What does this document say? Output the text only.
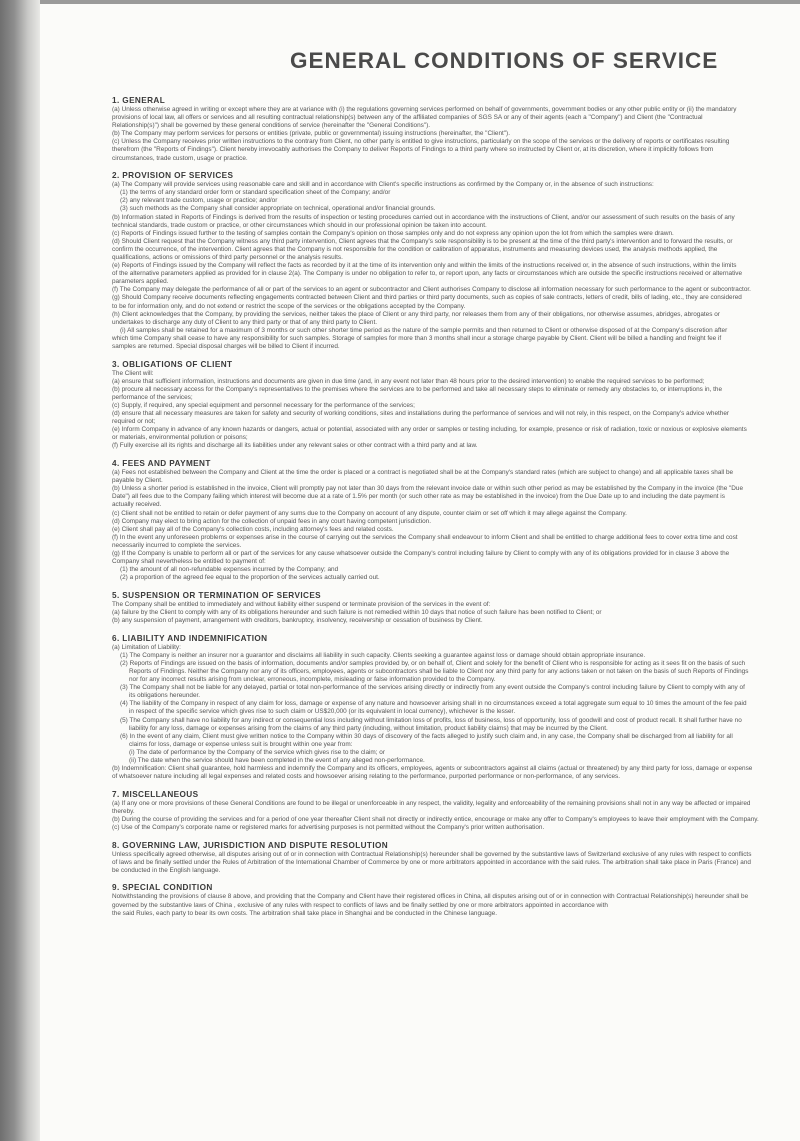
GENERAL CONDITIONS OF SERVICE
1. GENERAL

(a) Unless otherwise agreed in writing or except where they are at variance with (i) the regulations governing services performed on behalf of governments, government bodies or any other public entity or (ii) the mandatory

provisions of local law, all offers or services and all resulting contractual relationship(s) between any of the affiliated companies of SGS SA or any of their agents (each a "Company") and Client (the "Contractual

Relationship(s)") shall be governed by these general conditions of service (hereinafter the "General Conditions").

(b) The Company may perform services for persons or entities (private, public or governmental) issuing instructions (hereinafter, the "Client").

(c) Unless the Company receives prior written instructions to the contrary from Client, no other party is entitled to give instructions, particularly on the scope of the services or the delivery of reports or certificates resulting

therefrom (the "Reports of Findings"). Client hereby irrevocably authorises the Company to deliver Reports of Findings to a third party where so instructed by Client or, at its discretion, where it implicitly follows from

circumstances, trade custom, usage or practice.

2. PROVISION OF SERVICES

(a) The Company will provide services using reasonable care and skill and in accordance with Client's specific instructions as confirmed by the Company or, in the absence of such instructions:

(1) the terms of any standard order form or standard specification sheet of the Company; and/or

(2) any relevant trade custom, usage or practice; and/or

(3) such methods as the Company shall consider appropriate on technical, operational and/or financial grounds.

(b) Information stated in Reports of Findings is derived from the results of inspection or testing procedures carried out in accordance with the instructions of Client, and/or our assessment of such results on the basis of any

technical standards, trade custom or practice, or other circumstances which should in our professional opinion be taken into account.

(c) Reports of Findings issued further to the testing of samples contain the Company's opinion on those samples only and do not express any opinion upon the lot from which the samples were drawn.

(d) Should Client request that the Company witness any third party intervention, Client agrees that the Company's sole responsibility is to be present at the time of the third party's intervention and to forward the results, or

confirm the occurrence, of the intervention. Client agrees that the Company is not responsible for the condition or calibration of apparatus, instruments and measuring devices used, the analysis methods applied, the

qualifications, actions or omissions of third party personnel or the analysis results.

(e) Reports of Findings issued by the Company will reflect the facts as recorded by it at the time of its intervention only and within the limits of the instructions received or, in the absence of such instructions, within the limits

of the alternative parameters applied as provided for in clause 2(a). The Company is under no obligation to refer to, or report upon, any facts or circumstances which are outside the specific instructions received or alternative

parameters applied.

(f) The Company may delegate the performance of all or part of the services to an agent or subcontractor and Client authorises Company to disclose all information necessary for such performance to the agent or subcontractor.

(g) Should Company receive documents reflecting engagements contracted between Client and third parties or third party documents, such as copies of sale contracts, letters of credit, bills of lading, etc., they are considered

to be for information only, and do not extend or restrict the scope of the services or the obligations accepted by the Company.

(h) Client acknowledges that the Company, by providing the services, neither takes the place of Client or any third party, nor releases them from any of their obligations, nor otherwise assumes, abridges, abrogates or

undertakes to discharge any duty of Client to any third party or that of any third party to Client.

(i) All samples shall be retained for a maximum of 3 months or such other shorter time period as the nature of the sample permits and then returned to Client or otherwise disposed of at the Company's discretion after

which time Company shall cease to have any responsibility for such samples. Storage of samples for more than 3 months shall incur a storage charge payable by Client. Client will be billed a handling and freight fee if

samples are returned. Special disposal charges will be billed to Client if incurred.

3. OBLIGATIONS OF CLIENT

The Client will:

(a) ensure that sufficient information, instructions and documents are given in due time (and, in any event not later than 48 hours prior to the desired intervention) to enable the required services to be performed;

(b) procure all necessary access for the Company's representatives to the premises where the services are to be performed and take all necessary steps to eliminate or remedy any obstacles to, or interruptions in, the

performance of the services;

(c) Supply, if required, any special equipment and personnel necessary for the performance of the services;

(d) ensure that all necessary measures are taken for safety and security of working conditions, sites and installations during the performance of services and will not rely, in this respect, on the Company's advice whether

required or not;

(e) Inform Company in advance of any known hazards or dangers, actual or potential, associated with any order or samples or testing including, for example, presence or risk of radiation, toxic or noxious or explosive elements

or materials, environmental pollution or poisons;

(f) Fully exercise all its rights and discharge all its liabilities under any relevant sales or other contract with a third party and at law.

4. FEES AND PAYMENT

(a) Fees not established between the Company and Client at the time the order is placed or a contract is negotiated shall be at the Company's standard rates (which are subject to change) and all applicable taxes shall be

payable by Client.

(b) Unless a shorter period is established in the invoice, Client will promptly pay not later than 30 days from the relevant invoice date or within such other period as may be established by the Company in the invoice (the "Due

Date") all fees due to the Company failing which interest will become due at a rate of 1.5% per month (or such other rate as may be established in the invoice) from the Due Date up to and including the date payment is

actually received.

(c) Client shall not be entitled to retain or defer payment of any sums due to the Company on account of any dispute, counter claim or set off which it may allege against the Company.

(d) Company may elect to bring action for the collection of unpaid fees in any court having competent jurisdiction.

(e) Client shall pay all of the Company's collection costs, including attorney's fees and related costs.

(f) In the event any unforeseen problems or expenses arise in the course of carrying out the services the Company shall endeavour to inform Client and shall be entitled to charge additional fees to cover extra time and cost

necessarily incurred to complete the services.

(g) If the Company is unable to perform all or part of the services for any cause whatsoever outside the Company's control including failure by Client to comply with any of its obligations provided for in clause 3 above the

Company shall nevertheless be entitled to payment of:

(1) the amount of all non-refundable expenses incurred by the Company; and

(2) a proportion of the agreed fee equal to the proportion of the services actually carried out.

5. SUSPENSION OR TERMINATION OF SERVICES

The Company shall be entitled to immediately and without liability either suspend or terminate provision of the services in the event of:

(a) failure by the Client to comply with any of its obligations hereunder and such failure is not remedied within 10 days that notice of such failure has been notified to Client; or

(b) any suspension of payment, arrangement with creditors, bankruptcy, insolvency, receivership or cessation of business by Client.

6. LIABILITY AND INDEMNIFICATION

(a) Limitation of Liability:

(1) The Company is neither an insurer nor a guarantor and disclaims all liability in such capacity. Clients seeking a guarantee against loss or damage should obtain appropriate insurance.

(2) Reports of Findings are issued on the basis of information, documents and/or samples provided by, or on behalf of, Client and solely for the benefit of Client who is responsible for acting as it sees fit on the basis of such

Reports of Findings. Neither the Company nor any of its officers, employees, agents or subcontractors shall be liable to Client nor any third party for any actions taken or not taken on the basis of such Reports of Findings

nor for any incorrect results arising from unclear, erroneous, incomplete, misleading or false information provided to the Company.

(3) The Company shall not be liable for any delayed, partial or total non-performance of the services arising directly or indirectly from any event outside the Company's control including failure by Client to comply with any of

its obligations hereunder.

(4) The liability of the Company in respect of any claim for loss, damage or expense of any nature and howsoever arising shall in no circumstances exceed a total aggregate sum equal to 10 times the amount of the fee paid

in respect of the specific service which gives rise to such claim or US$20,000 (or its equivalent in local currency), whichever is the lesser.

(5) The Company shall have no liability for any indirect or consequential loss including without limitation loss of profits, loss of business, loss of opportunity, loss of goodwill and cost of product recall. It shall further have no

liability for any loss, damage or expenses arising from the claims of any third party (including, without limitation, product liability claims) that may be incurred by the Client.

(6) In the event of any claim, Client must give written notice to the Company within 30 days of discovery of the facts alleged to justify such claim and, in any case, the Company shall be discharged from all liability for all

claims for loss, damage or expense unless suit is brought within one year from:

(i) The date of performance by the Company of the service which gives rise to the claim; or

(ii) The date when the service should have been completed in the event of any alleged non-performance.

(b) Indemnification: Client shall guarantee, hold harmless and indemnify the Company and its officers, employees, agents or subcontractors against all claims (actual or threatened) by any third party for loss, damage or expense

of whatsoever nature including all legal expenses and related costs and howsoever arising relating to the performance, purported performance or non-performance, of any services.

7. MISCELLANEOUS

(a) If any one or more provisions of these General Conditions are found to be illegal or unenforceable in any respect, the validity, legality and enforceability of the remaining provisions shall not in any way be affected or impaired

thereby.

(b) During the course of providing the services and for a period of one year thereafter Client shall not directly or indirectly entice, encourage or make any offer to Company's employees to leave their employment with the Company.

(c) Use of the Company's corporate name or registered marks for advertising purposes is not permitted without the Company's prior written authorisation.

8. GOVERNING LAW, JURISDICTION AND DISPUTE RESOLUTION

Unless specifically agreed otherwise, all disputes arising out of or in connection with Contractual Relationship(s) hereunder shall be governed by the substantive laws of Switzerland exclusive of any rules with respect to conflicts

of laws and be finally settled under the Rules of Arbitration of the International Chamber of Commerce by one or more arbitrators appointed in accordance with the said rules. The arbitration shall take place in Paris (France) and

be conducted in the English language.

9. SPECIAL CONDITION

Notwithstanding the provisions of clause 8 above, and providing that the Company and Client have their registered offices in China, all disputes arising out of or in connection with Contractual Relationship(s) hereunder shall be

governed by the substantive laws of China , exclusive of any rules with respect to conflicts of laws and be finally settled by one or more arbitrators appointed in accordance with

the said Rules, each party to bear its own costs. The arbitration shall take place in Shanghai and be conducted in the Chinese language.
